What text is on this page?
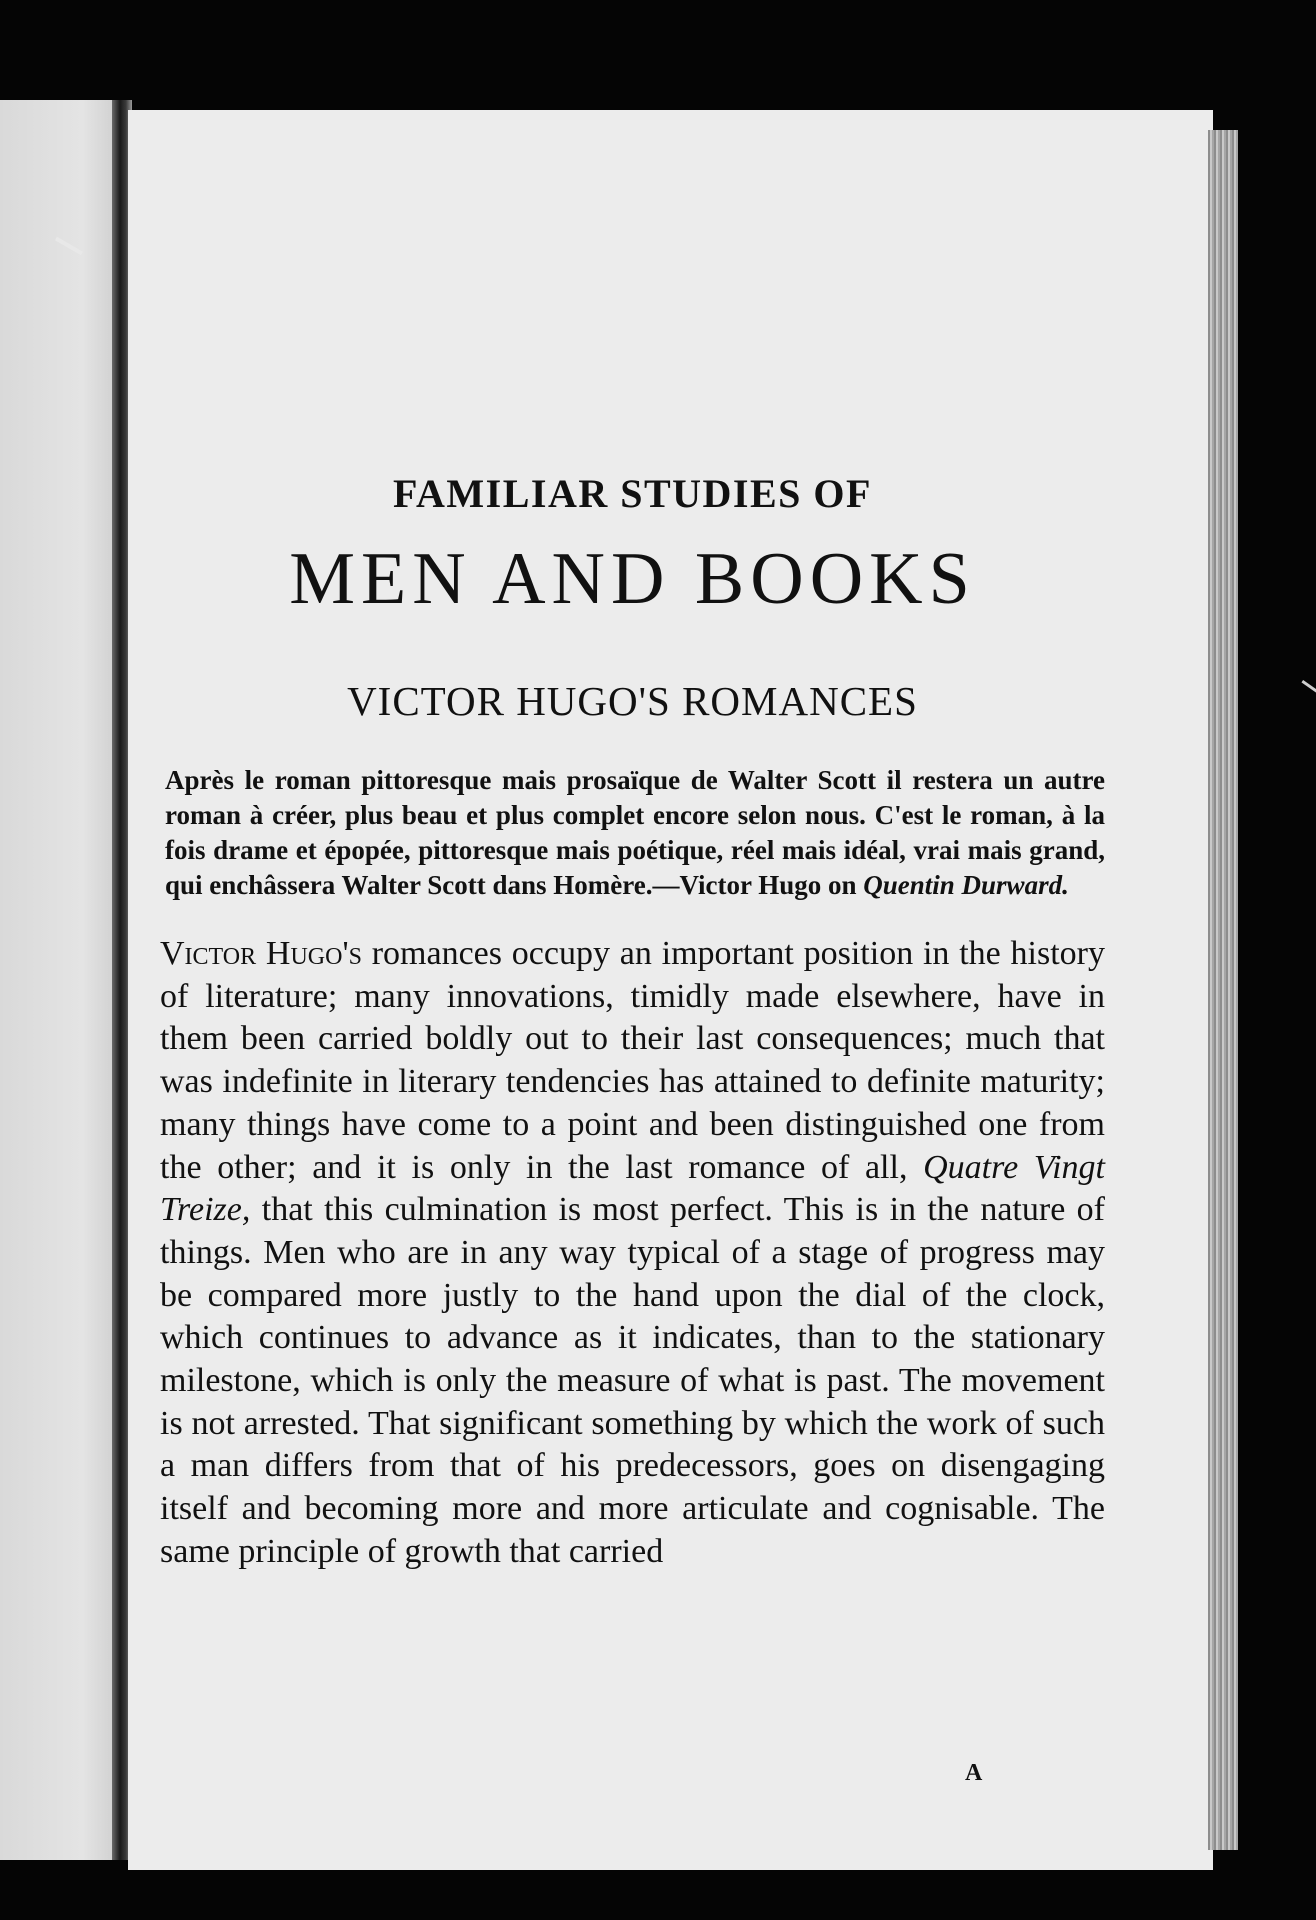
FAMILIAR STUDIES OF
MEN AND BOOKS
VICTOR HUGO'S ROMANCES

Après le roman pittoresque mais prosaïque de Walter Scott il restera un autre roman à créer, plus beau et plus complet encore selon nous. C'est le roman, à la fois drame et épopée, pittoresque mais poétique, réel mais idéal, vrai mais grand, qui enchâssera Walter Scott dans Homère.—Victor Hugo on Quentin Durward.

Victor Hugo's romances occupy an important position in the history of literature; many innovations, timidly made elsewhere, have in them been carried boldly out to their last consequences; much that was indefinite in literary tendencies has attained to definite maturity; many things have come to a point and been distinguished one from the other; and it is only in the last romance of all, Quatre Vingt Treize, that this culmination is most perfect. This is in the nature of things. Men who are in any way typical of a stage of progress may be compared more justly to the hand upon the dial of the clock, which continues to advance as it indicates, than to the stationary milestone, which is only the measure of what is past. The movement is not arrested. That significant something by which the work of such a man differs from that of his predecessors, goes on disengaging itself and becoming more and more articulate and cognisable. The same principle of growth that carried

A
